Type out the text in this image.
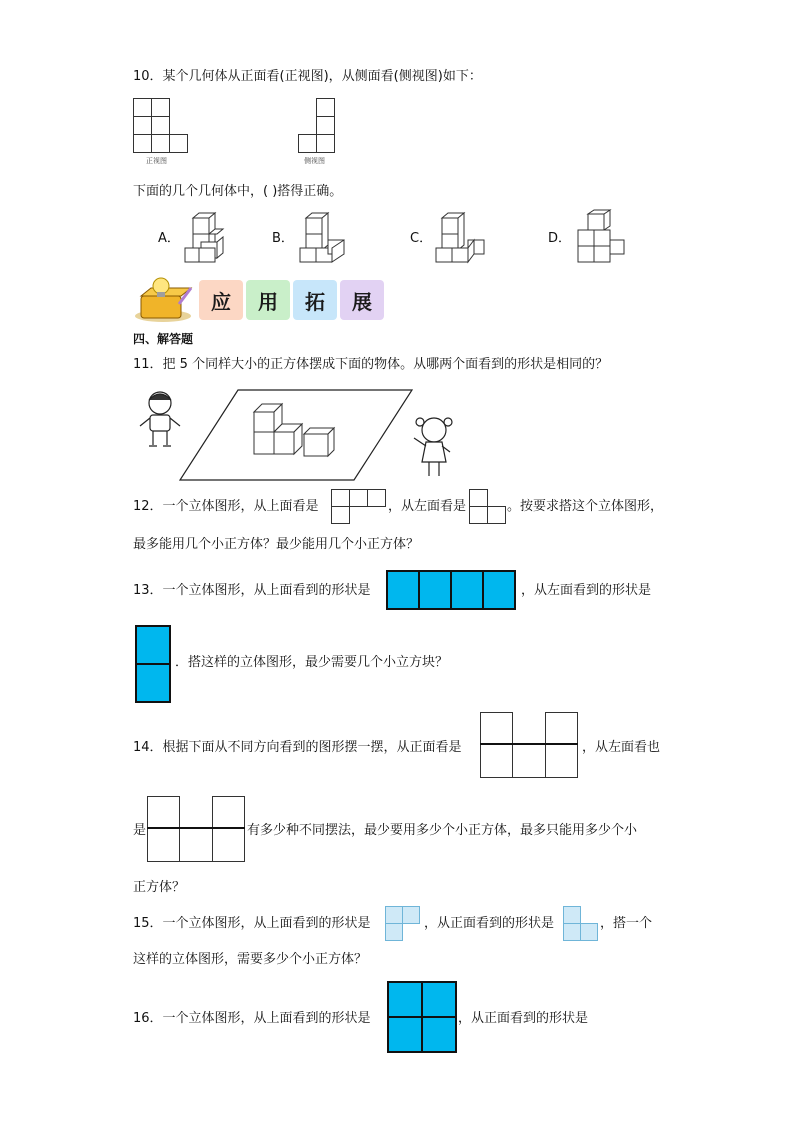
10．某个几何体从正面看(正视图)，从侧面看(侧视图)如下：
正视图	侧视图
下面的几个几何体中，( )搭得正确。
A．	B．	C．	D．
应	用	拓	展
四、解答题
11．把 5 个同样大小的正方体摆成下面的物体。从哪两个面看到的形状是相同的？
12．一个立体图形，从上面看是	，从左面看是	。按要求搭这个立体图形，
最多能用几个小正方体？最少能用几个小正方体？
13．一个立体图形，从上面看到的形状是	，从左面看到的形状是
．搭这样的立体图形，最少需要几个小立方块？
14．根据下面从不同方向看到的图形摆一摆，从正面看是	，从左面看也
是	有多少种不同摆法，最少要用多少个小正方体，最多只能用多少个小
正方体？
15．一个立体图形，从上面看到的形状是	，从正面看到的形状是	，搭一个
这样的立体图形，需要多少个小正方体？
16．一个立体图形，从上面看到的形状是	，从正面看到的形状是
